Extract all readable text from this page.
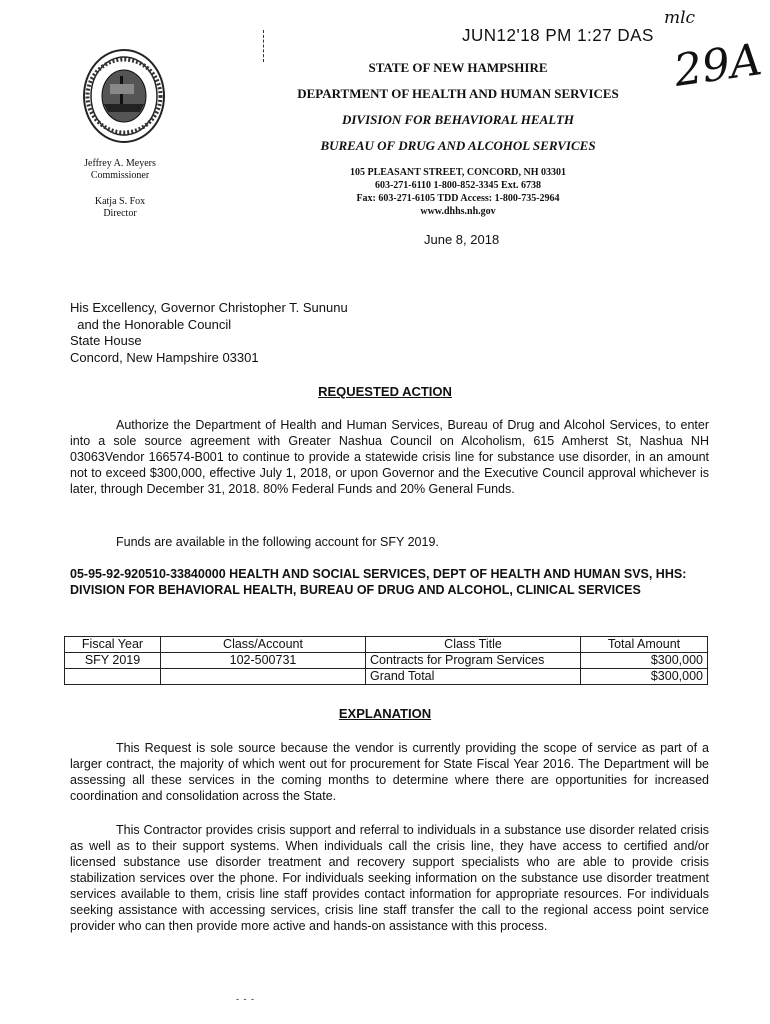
JUN12'18 PM 1:27 DAS
mlc
29A
STATE OF NEW HAMPSHIRE
DEPARTMENT OF HEALTH AND HUMAN SERVICES
DIVISION FOR BEHAVIORAL HEALTH
BUREAU OF DRUG AND ALCOHOL SERVICES
105 PLEASANT STREET, CONCORD, NH 03301
603-271-6110 1-800-852-3345 Ext. 6738
Fax: 603-271-6105 TDD Access: 1-800-735-2964
www.dhhs.nh.gov
Jeffrey A. Meyers
Commissioner
Katja S. Fox
Director
June 8, 2018
His Excellency, Governor Christopher T. Sununu
and the Honorable Council
State House
Concord, New Hampshire 03301
REQUESTED ACTION
Authorize the Department of Health and Human Services, Bureau of Drug and Alcohol Services, to enter into a sole source agreement with Greater Nashua Council on Alcoholism, 615 Amherst St, Nashua NH 03063Vendor 166574-B001 to continue to provide a statewide crisis line for substance use disorder, in an amount not to exceed $300,000, effective July 1, 2018, or upon Governor and the Executive Council approval whichever is later, through December 31, 2018. 80% Federal Funds and 20% General Funds.
Funds are available in the following account for SFY 2019.
05-95-92-920510-33840000 HEALTH AND SOCIAL SERVICES, DEPT OF HEALTH AND HUMAN SVS, HHS: DIVISION FOR BEHAVIORAL HEALTH, BUREAU OF DRUG AND ALCOHOL, CLINICAL SERVICES
Fiscal Year	Class/Account	Class Title	Total Amount
SFY 2019	102-500731	Contracts for Program Services	$300,000
		Grand Total	$300,000
EXPLANATION
This Request is sole source because the vendor is currently providing the scope of service as part of a larger contract, the majority of which went out for procurement for State Fiscal Year 2016. The Department will be assessing all these services in the coming months to determine where there are opportunities for increased coordination and consolidation across the State.
This Contractor provides crisis support and referral to individuals in a substance use disorder related crisis as well as to their support systems. When individuals call the crisis line, they have access to certified and/or licensed substance use disorder treatment and recovery support specialists who are able to provide crisis stabilization services over the phone. For individuals seeking information on the substance use disorder treatment services available to them, crisis line staff provides contact information for appropriate resources. For individuals seeking assistance with accessing services, crisis line staff transfer the call to the regional access point service provider who can then provide more active and hands-on assistance with this process.
- - -
